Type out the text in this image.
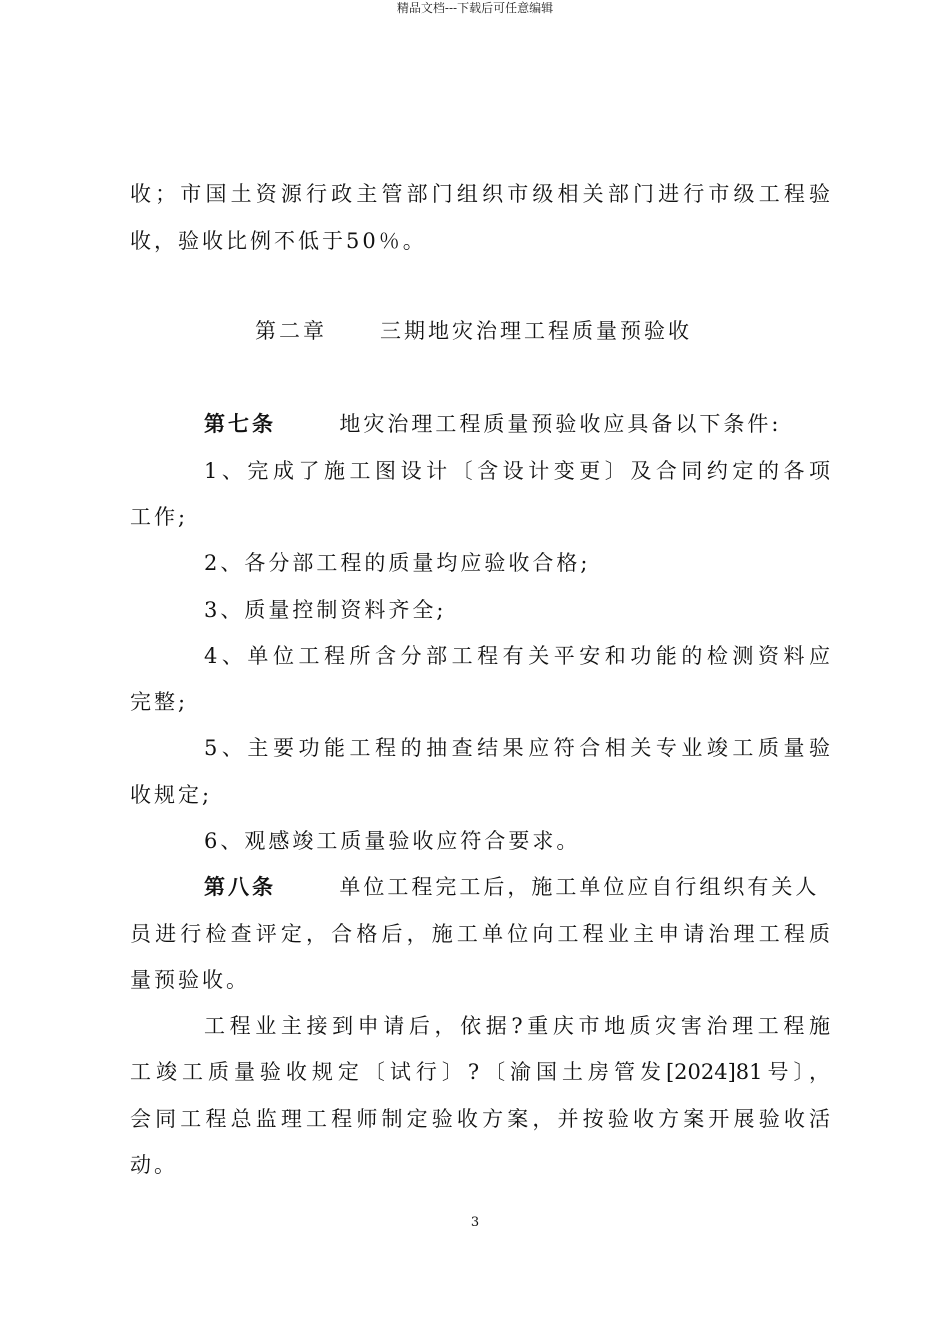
精品文档---下载后可任意编辑
收；市国土资源行政主管部门组织市级相关部门进行市级工程验
收，验收比例不低于50％。
第二章	三期地灾治理工程质量预验收
第七条	地灾治理工程质量预验收应具备以下条件:
1、完成了施工图设计〔含设计变更〕及合同约定的各项
工作;
2、各分部工程的质量均应验收合格;
3、质量控制资料齐全;
4、单位工程所含分部工程有关平安和功能的检测资料应
完整;
5、主要功能工程的抽查结果应符合相关专业竣工质量验
收规定;
6、观感竣工质量验收应符合要求。
第八条	单位工程完工后，施工单位应自行组织有关人
员进行检查评定，合格后，施工单位向工程业主申请治理工程质
量预验收。
工程业主接到申请后，依据?重庆市地质灾害治理工程施
工竣工质量验收规定〔试行〕?〔渝国土房管发[2024]81号〕，
会同工程总监理工程师制定验收方案，并按验收方案开展验收活
动。
3
